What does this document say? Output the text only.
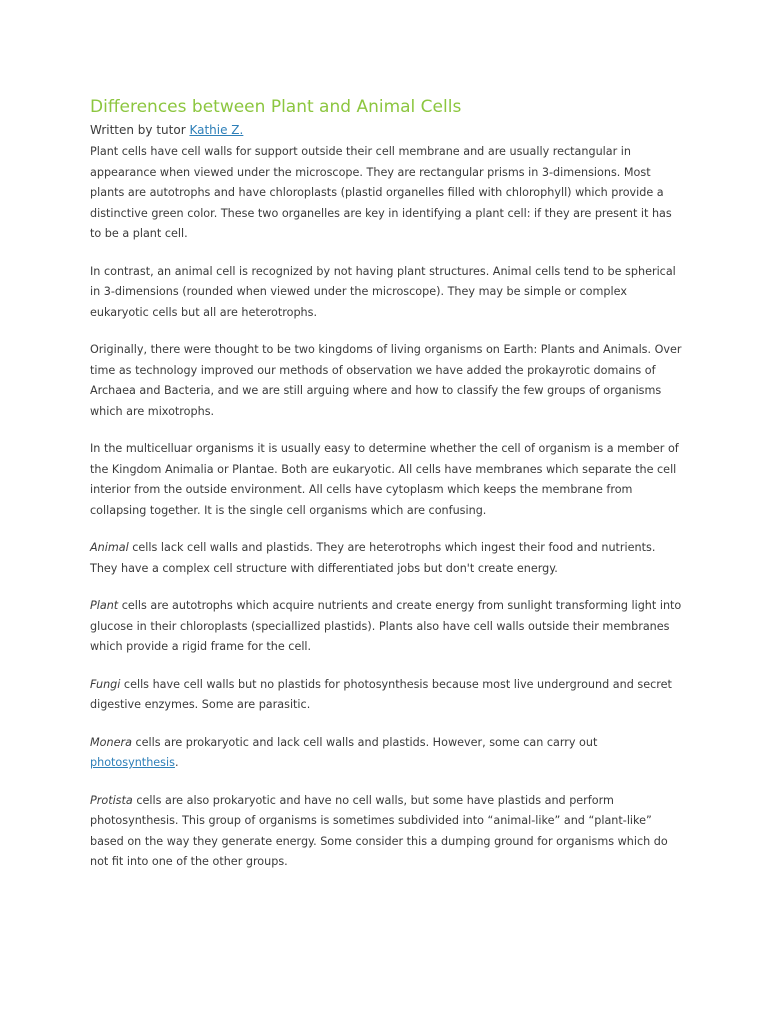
Differences between Plant and Animal Cells
Written by tutor Kathie Z.

Plant cells have cell walls for support outside their cell membrane and are usually rectangular in appearance when viewed under the microscope. They are rectangular prisms in 3-dimensions. Most plants are autotrophs and have chloroplasts (plastid organelles filled with chlorophyll) which provide a distinctive green color. These two organelles are key in identifying a plant cell: if they are present it has to be a plant cell.

In contrast, an animal cell is recognized by not having plant structures. Animal cells tend to be spherical in 3-dimensions (rounded when viewed under the microscope). They may be simple or complex eukaryotic cells but all are heterotrophs.

Originally, there were thought to be two kingdoms of living organisms on Earth: Plants and Animals. Over time as technology improved our methods of observation we have added the prokayrotic domains of Archaea and Bacteria, and we are still arguing where and how to classify the few groups of organisms which are mixotrophs.

In the multicelluar organisms it is usually easy to determine whether the cell of organism is a member of the Kingdom Animalia or Plantae. Both are eukaryotic. All cells have membranes which separate the cell interior from the outside environment. All cells have cytoplasm which keeps the membrane from collapsing together. It is the single cell organisms which are confusing.

Animal cells lack cell walls and plastids. They are heterotrophs which ingest their food and nutrients. They have a complex cell structure with differentiated jobs but don't create energy.

Plant cells are autotrophs which acquire nutrients and create energy from sunlight transforming light into glucose in their chloroplasts (speciallized plastids). Plants also have cell walls outside their membranes which provide a rigid frame for the cell.

Fungi cells have cell walls but no plastids for photosynthesis because most live underground and secret digestive enzymes. Some are parasitic.

Monera cells are prokaryotic and lack cell walls and plastids. However, some can carry out photosynthesis.

Protista cells are also prokaryotic and have no cell walls, but some have plastids and perform photosynthesis. This group of organisms is sometimes subdivided into “animal-like” and “plant-like” based on the way they generate energy. Some consider this a dumping ground for organisms which do not fit into one of the other groups.
